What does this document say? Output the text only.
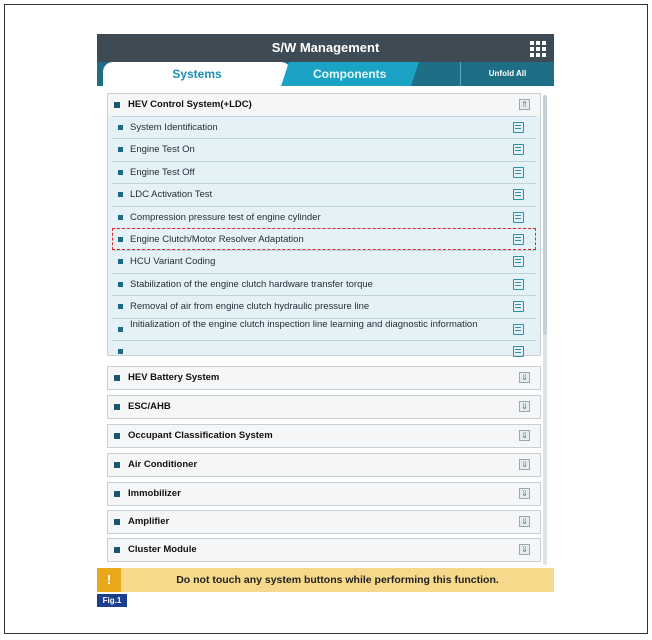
S/W Management
Systems	Components	Unfold All
HEV Control System(+LDC)	⇑
System Identification
Engine Test On
Engine Test Off
LDC Activation Test
Compression pressure test of engine cylinder
Engine Clutch/Motor Resolver Adaptation
HCU Variant Coding
Stabilization of the engine clutch hardware transfer torque
Removal of air from engine clutch hydraulic pressure line
Initialization of the engine clutch inspection line learning and diagnostic information
HEV Battery System	⇓
ESC/AHB	⇓
Occupant Classification System	⇓
Air Conditioner	⇓
Immobilizer	⇓
Amplifier	⇓
Cluster Module	⇓
!	Do not touch any system buttons while performing this function.
Fig.1
